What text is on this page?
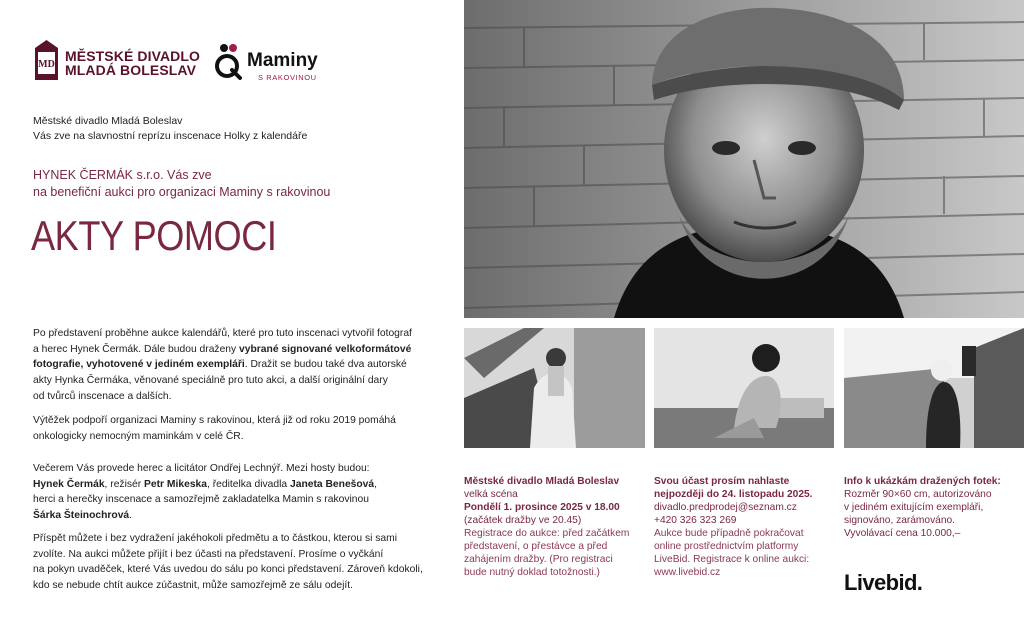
MD
MĚSTSKÉ DIVADLO
MLADÁ BOLESLAV	Maminy
S RAKOVINOU
Městské divadlo Mladá Boleslav
Vás zve na slavnostní reprízu inscenace Holky z kalendáře
HYNEK ČERMÁK s.r.o. Vás zve
na benefiční aukci pro organizaci Maminy s rakovinou
AKTY POMOCI
Po představení proběhne aukce kalendářů, které pro tuto inscenaci vytvořil fotograf
a herec Hynek Čermák. Dále budou draženy vybrané signované velkoformátové
fotografie, vyhotovené v jediném exempláři. Dražit se budou také dva autorské
akty Hynka Čermáka, věnované speciálně pro tuto akci, a další originální dary
od tvůrců inscenace a dalších.
Výtěžek podpoří organizaci Maminy s rakovinou, která již od roku 2019 pomáhá
onkologicky nemocným maminkám v celé ČR.
Večerem Vás provede herec a licitátor Ondřej Lechnýř. Mezi hosty budou:
Hynek Čermák, režisér Petr Mikeska, ředitelka divadla Janeta Benešová,
herci a herečky inscenace a samozřejmě zakladatelka Mamin s rakovinou
Šárka Šteinochrová.
Příspět můžete i bez vydražení jakéhokoli předmětu a to částkou, kterou si sami
zvolíte. Na aukci můžete přijít i bez účasti na představení. Prosíme o vyčkání
na pokyn uvaděček, které Vás uvedou do sálu po konci představení. Zároveň kdokoli,
kdo se nebude chtít aukce zúčastnit, může samozřejmě ze sálu odejít.
Městské divadlo Mladá Boleslav
velká scéna
Pondělí 1. prosince 2025 v 18.00
(začátek dražby ve 20.45)
Registrace do aukce: před začátkem
představení, o přestávce a před
zahájením dražby. (Pro registraci
bude nutný doklad totožnosti.)
Svou účast prosím nahlaste
nejpozději do 24. listopadu 2025.
divadlo.predprodej@seznam.cz
+420 326 323 269
Aukce bude případně pokračovat
online prostřednictvím platformy
LiveBid. Registrace k online aukci:
www.livebid.cz
Info k ukázkám dražených fotek:
Rozměr 90×60 cm, autorizováno
v jediném exitujícím exempláři,
signováno, zarámováno.
Vyvolávací cena 10.000,–
Livebid.
